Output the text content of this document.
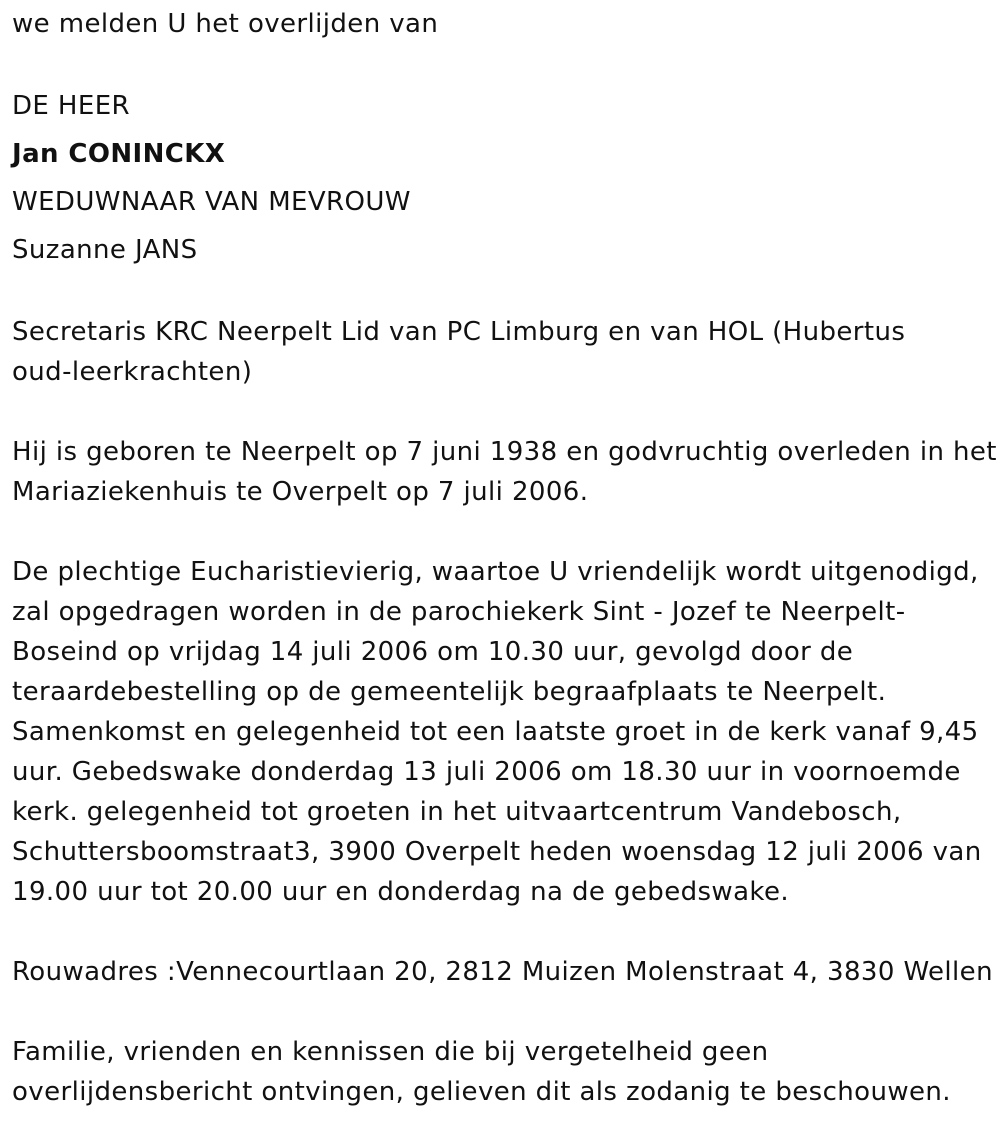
we melden U het overlijden van
DE HEER
Jan CONINCKX
WEDUWNAAR VAN MEVROUW
Suzanne JANS
Secretaris KRC Neerpelt Lid van PC Limburg en van HOL (Hubertus
oud-leerkrachten)
Hij is geboren te Neerpelt op 7 juni 1938 en godvruchtig overleden in het
Mariaziekenhuis te Overpelt op 7 juli 2006.
De plechtige Eucharistievierig, waartoe U vriendelijk wordt uitgenodigd,
zal opgedragen worden in de parochiekerk Sint - Jozef te Neerpelt-
Boseind op vrijdag 14 juli 2006 om 10.30 uur, gevolgd door de
teraardebestelling op de gemeentelijk begraafplaats te Neerpelt.
Samenkomst en gelegenheid tot een laatste groet in de kerk vanaf 9,45
uur. Gebedswake donderdag 13 juli 2006 om 18.30 uur in voornoemde
kerk. gelegenheid tot groeten in het uitvaartcentrum Vandebosch,
Schuttersboomstraat3, 3900 Overpelt heden woensdag 12 juli 2006 van
19.00 uur tot 20.00 uur en donderdag na de gebedswake.
Rouwadres :Vennecourtlaan 20, 2812 Muizen Molenstraat 4, 3830 Wellen
Familie, vrienden en kennissen die bij vergetelheid geen
overlijdensbericht ontvingen, gelieven dit als zodanig te beschouwen.
